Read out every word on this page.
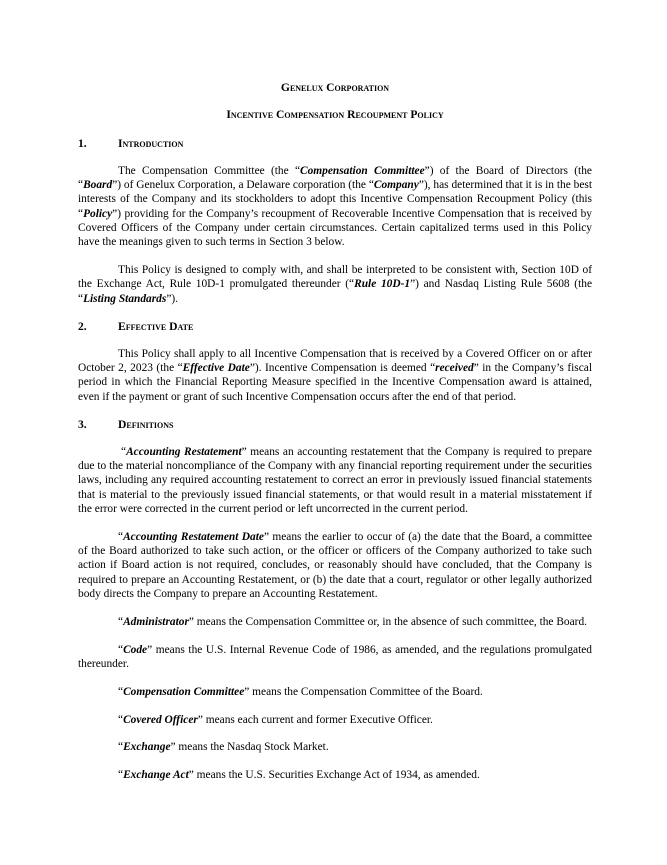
Genelux Corporation

Incentive Compensation Recoupment Policy

1.	Introduction

The Compensation Committee (the “Compensation Committee”) of the Board of Directors (the “Board”) of Genelux Corporation, a Delaware corporation (the “Company”), has determined that it is in the best interests of the Company and its stockholders to adopt this Incentive Compensation Recoupment Policy (this “Policy”) providing for the Company’s recoupment of Recoverable Incentive Compensation that is received by Covered Officers of the Company under certain circumstances. Certain capitalized terms used in this Policy have the meanings given to such terms in Section 3 below.

This Policy is designed to comply with, and shall be interpreted to be consistent with, Section 10D of the Exchange Act, Rule 10D-1 promulgated thereunder (“Rule 10D-1”) and Nasdaq Listing Rule 5608 (the “Listing Standards”).

2.	Effective Date

This Policy shall apply to all Incentive Compensation that is received by a Covered Officer on or after October 2, 2023 (the “Effective Date”). Incentive Compensation is deemed “received” in the Company’s fiscal period in which the Financial Reporting Measure specified in the Incentive Compensation award is attained, even if the payment or grant of such Incentive Compensation occurs after the end of that period.

3.	Definitions

“Accounting Restatement” means an accounting restatement that the Company is required to prepare due to the material noncompliance of the Company with any financial reporting requirement under the securities laws, including any required accounting restatement to correct an error in previously issued financial statements that is material to the previously issued financial statements, or that would result in a material misstatement if the error were corrected in the current period or left uncorrected in the current period.

“Accounting Restatement Date” means the earlier to occur of (a) the date that the Board, a committee of the Board authorized to take such action, or the officer or officers of the Company authorized to take such action if Board action is not required, concludes, or reasonably should have concluded, that the Company is required to prepare an Accounting Restatement, or (b) the date that a court, regulator or other legally authorized body directs the Company to prepare an Accounting Restatement.

“Administrator” means the Compensation Committee or, in the absence of such committee, the Board.

“Code” means the U.S. Internal Revenue Code of 1986, as amended, and the regulations promulgated thereunder.

“Compensation Committee” means the Compensation Committee of the Board.

“Covered Officer” means each current and former Executive Officer.

“Exchange” means the Nasdaq Stock Market.

“Exchange Act” means the U.S. Securities Exchange Act of 1934, as amended.
